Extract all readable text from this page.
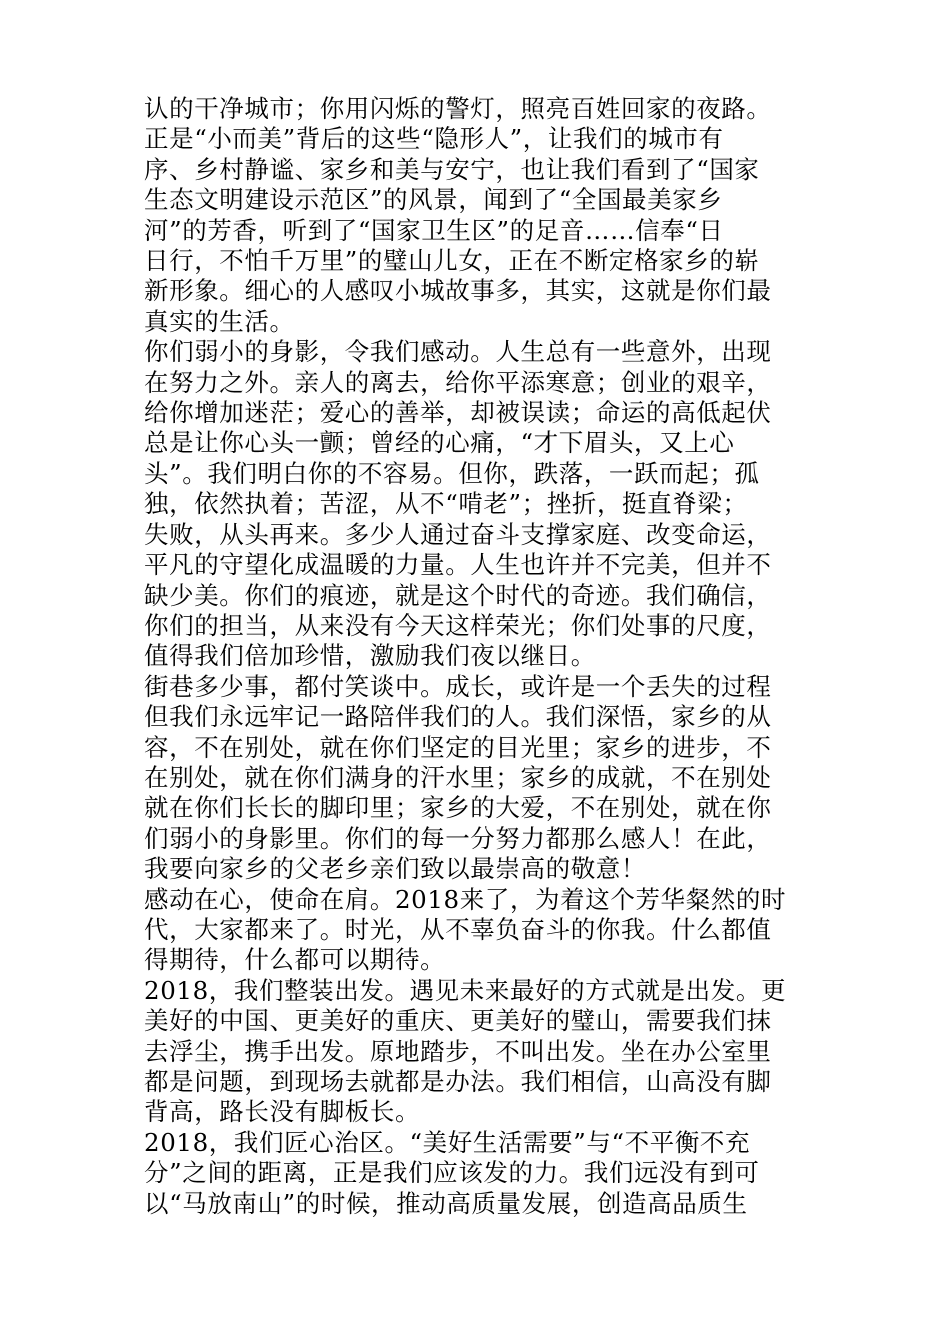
认的干净城市；你用闪烁的警灯，照亮百姓回家的夜路。
正是“小而美”背后的这些“隐形人”，让我们的城市有
序、乡村静谧、家乡和美与安宁，也让我们看到了“国家
生态文明建设示范区”的风景，闻到了“全国最美家乡
河”的芳香，听到了“国家卫生区”的足音……信奉“日
日行，不怕千万里”的璧山儿女，正在不断定格家乡的崭
新形象。细心的人感叹小城故事多，其实，这就是你们最
真实的生活。

你们弱小的身影，令我们感动。人生总有一些意外，出现
在努力之外。亲人的离去，给你平添寒意；创业的艰辛，
给你增加迷茫；爱心的善举，却被误读；命运的高低起伏
总是让你心头一颤；曾经的心痛，“才下眉头，又上心
头”。我们明白你的不容易。但你，跌落，一跃而起；孤
独，依然执着；苦涩，从不“啃老”；挫折，挺直脊梁；
失败，从头再来。多少人通过奋斗支撑家庭、改变命运，
平凡的守望化成温暖的力量。人生也许并不完美，但并不
缺少美。你们的痕迹，就是这个时代的奇迹。我们确信，
你们的担当，从来没有今天这样荣光；你们处事的尺度，
值得我们倍加珍惜，激励我们夜以继日。

街巷多少事，都付笑谈中。成长，或许是一个丢失的过程
但我们永远牢记一路陪伴我们的人。我们深悟，家乡的从
容，不在别处，就在你们坚定的目光里；家乡的进步，不
在别处，就在你们满身的汗水里；家乡的成就，不在别处
就在你们长长的脚印里；家乡的大爱，不在别处，就在你
们弱小的身影里。你们的每一分努力都那么感人！在此，
我要向家乡的父老乡亲们致以最崇高的敬意！

感动在心，使命在肩。2018来了，为着这个芳华粲然的时
代，大家都来了。时光，从不辜负奋斗的你我。什么都值
得期待，什么都可以期待。

2018，我们整装出发。遇见未来最好的方式就是出发。更
美好的中国、更美好的重庆、更美好的璧山，需要我们抹
去浮尘，携手出发。原地踏步，不叫出发。坐在办公室里
都是问题，到现场去就都是办法。我们相信，山高没有脚
背高，路长没有脚板长。

2018，我们匠心治区。“美好生活需要”与“不平衡不充
分”之间的距离，正是我们应该发的力。我们远没有到可
以“马放南山”的时候，推动高质量发展，创造高品质生
